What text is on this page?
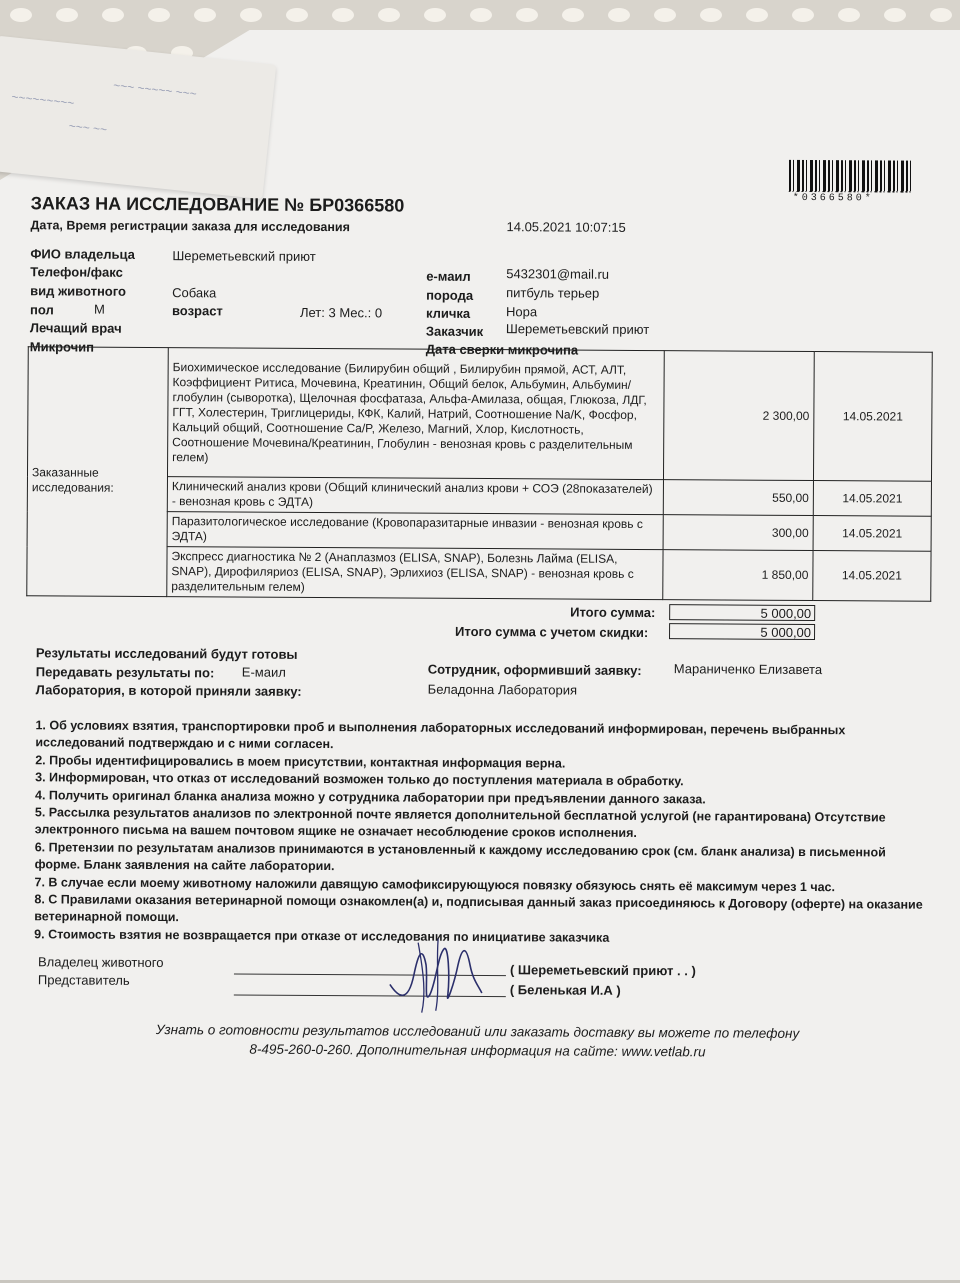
~~~ ~~~~~ ~~~
~~~~~~~~~
~~~ ~~
*0366580*
ЗАКАЗ НА ИССЛЕДОВАНИЕ № БР0366580
Дата, Время регистрации заказа для исследования	14.05.2021 10:07:15
ФИО владельца	Шереметьевский приют
Телефон/факс	е-маил	5432301@mail.ru
вид животного	Собака	порода	питбуль терьер
пол	М	возраст	Лет: 3 Мес.: 0	кличка	Нора
Лечащий врач	Заказчик Шереметьевский приют
Микрочип	Дата сверки микрочипа
Заказанные исследования:	Биохимическое исследование (Билирубин общий , Билирубин прямой, АСТ, АЛТ, Коэффициент Ритиса, Мочевина, Креатинин, Общий белок, Альбумин, Альбумин/глобулин (сыворотка), Щелочная фосфатаза, Альфа-Амилаза, общая, Глюкоза, ЛДГ, ГГТ, Холестерин, Триглицериды, КФК, Калий, Натрий, Соотношение Na/K, Фосфор, Кальций общий, Соотношение Ca/P, Железо, Магний, Хлор, Кислотность, Соотношение Мочевина/Креатинин, Глобулин - венозная кровь с разделительным гелем)	2 300,00	14.05.2021
	Клинический анализ крови (Общий клинический анализ крови + СОЭ (28показателей) - венозная кровь с ЭДТА)	550,00	14.05.2021
	Паразитологическое исследование (Кровопаразитарные инвазии - венозная кровь с ЭДТА)	300,00	14.05.2021
	Экспресс диагностика № 2 (Анаплазмоз (ELISA, SNAP), Болезнь Лайма (ELISA, SNAP), Дирофиляриоз (ELISA, SNAP), Эрлихиоз (ELISA, SNAP) - венозная кровь с разделительным гелем)	1 850,00	14.05.2021
Итого сумма:	5 000,00
Итого сумма с учетом скидки:	5 000,00
Результаты исследований будут готовы
Передавать результаты по: Е-маил
Лаборатория, в которой приняли заявку:
Сотрудник, оформивший заявку: Мараниченко Елизавета
Беладонна Лаборатория
1. Об условиях взятия, транспортировки проб и выполнения лабораторных исследований информирован, перечень выбранных исследований подтверждаю и с ними согласен.
2. Пробы идентифицировались в моем присутствии, контактная информация верна.
3. Информирован, что отказ от исследований возможен только до поступления материала в обработку.
4. Получить оригинал бланка анализа можно у сотрудника лаборатории при предъявлении данного заказа.
5. Рассылка результатов анализов по электронной почте является дополнительной бесплатной услугой (не гарантирована) Отсутствие электронного письма на вашем почтовом ящике не означает несоблюдение сроков исполнения.
6. Претензии по результатам анализов принимаются в установленный к каждому исследованию срок (см. бланк анализа) в письменной форме. Бланк заявления на сайте лаборатории.
7. В случае если моему животному наложили давящую самофиксирующуюся повязку обязуюсь снять её максимум через 1 час.
8. С Правилами оказания ветеринарной помощи ознакомлен(а) и, подписывая данный заказ присоединяюсь к Договору (оферте) на оказание ветеринарной помощи.
9. Стоимость взятия не возвращается при отказе от исследования по инициативе заказчика
Владелец животного
( Шереметьевский приют . . )
Представитель
( Беленькая И.А )
Узнать о готовности результатов исследований или заказать доставку вы можете по телефону
8-495-260-0-260. Дополнительная информация на сайте: www.vetlab.ru
